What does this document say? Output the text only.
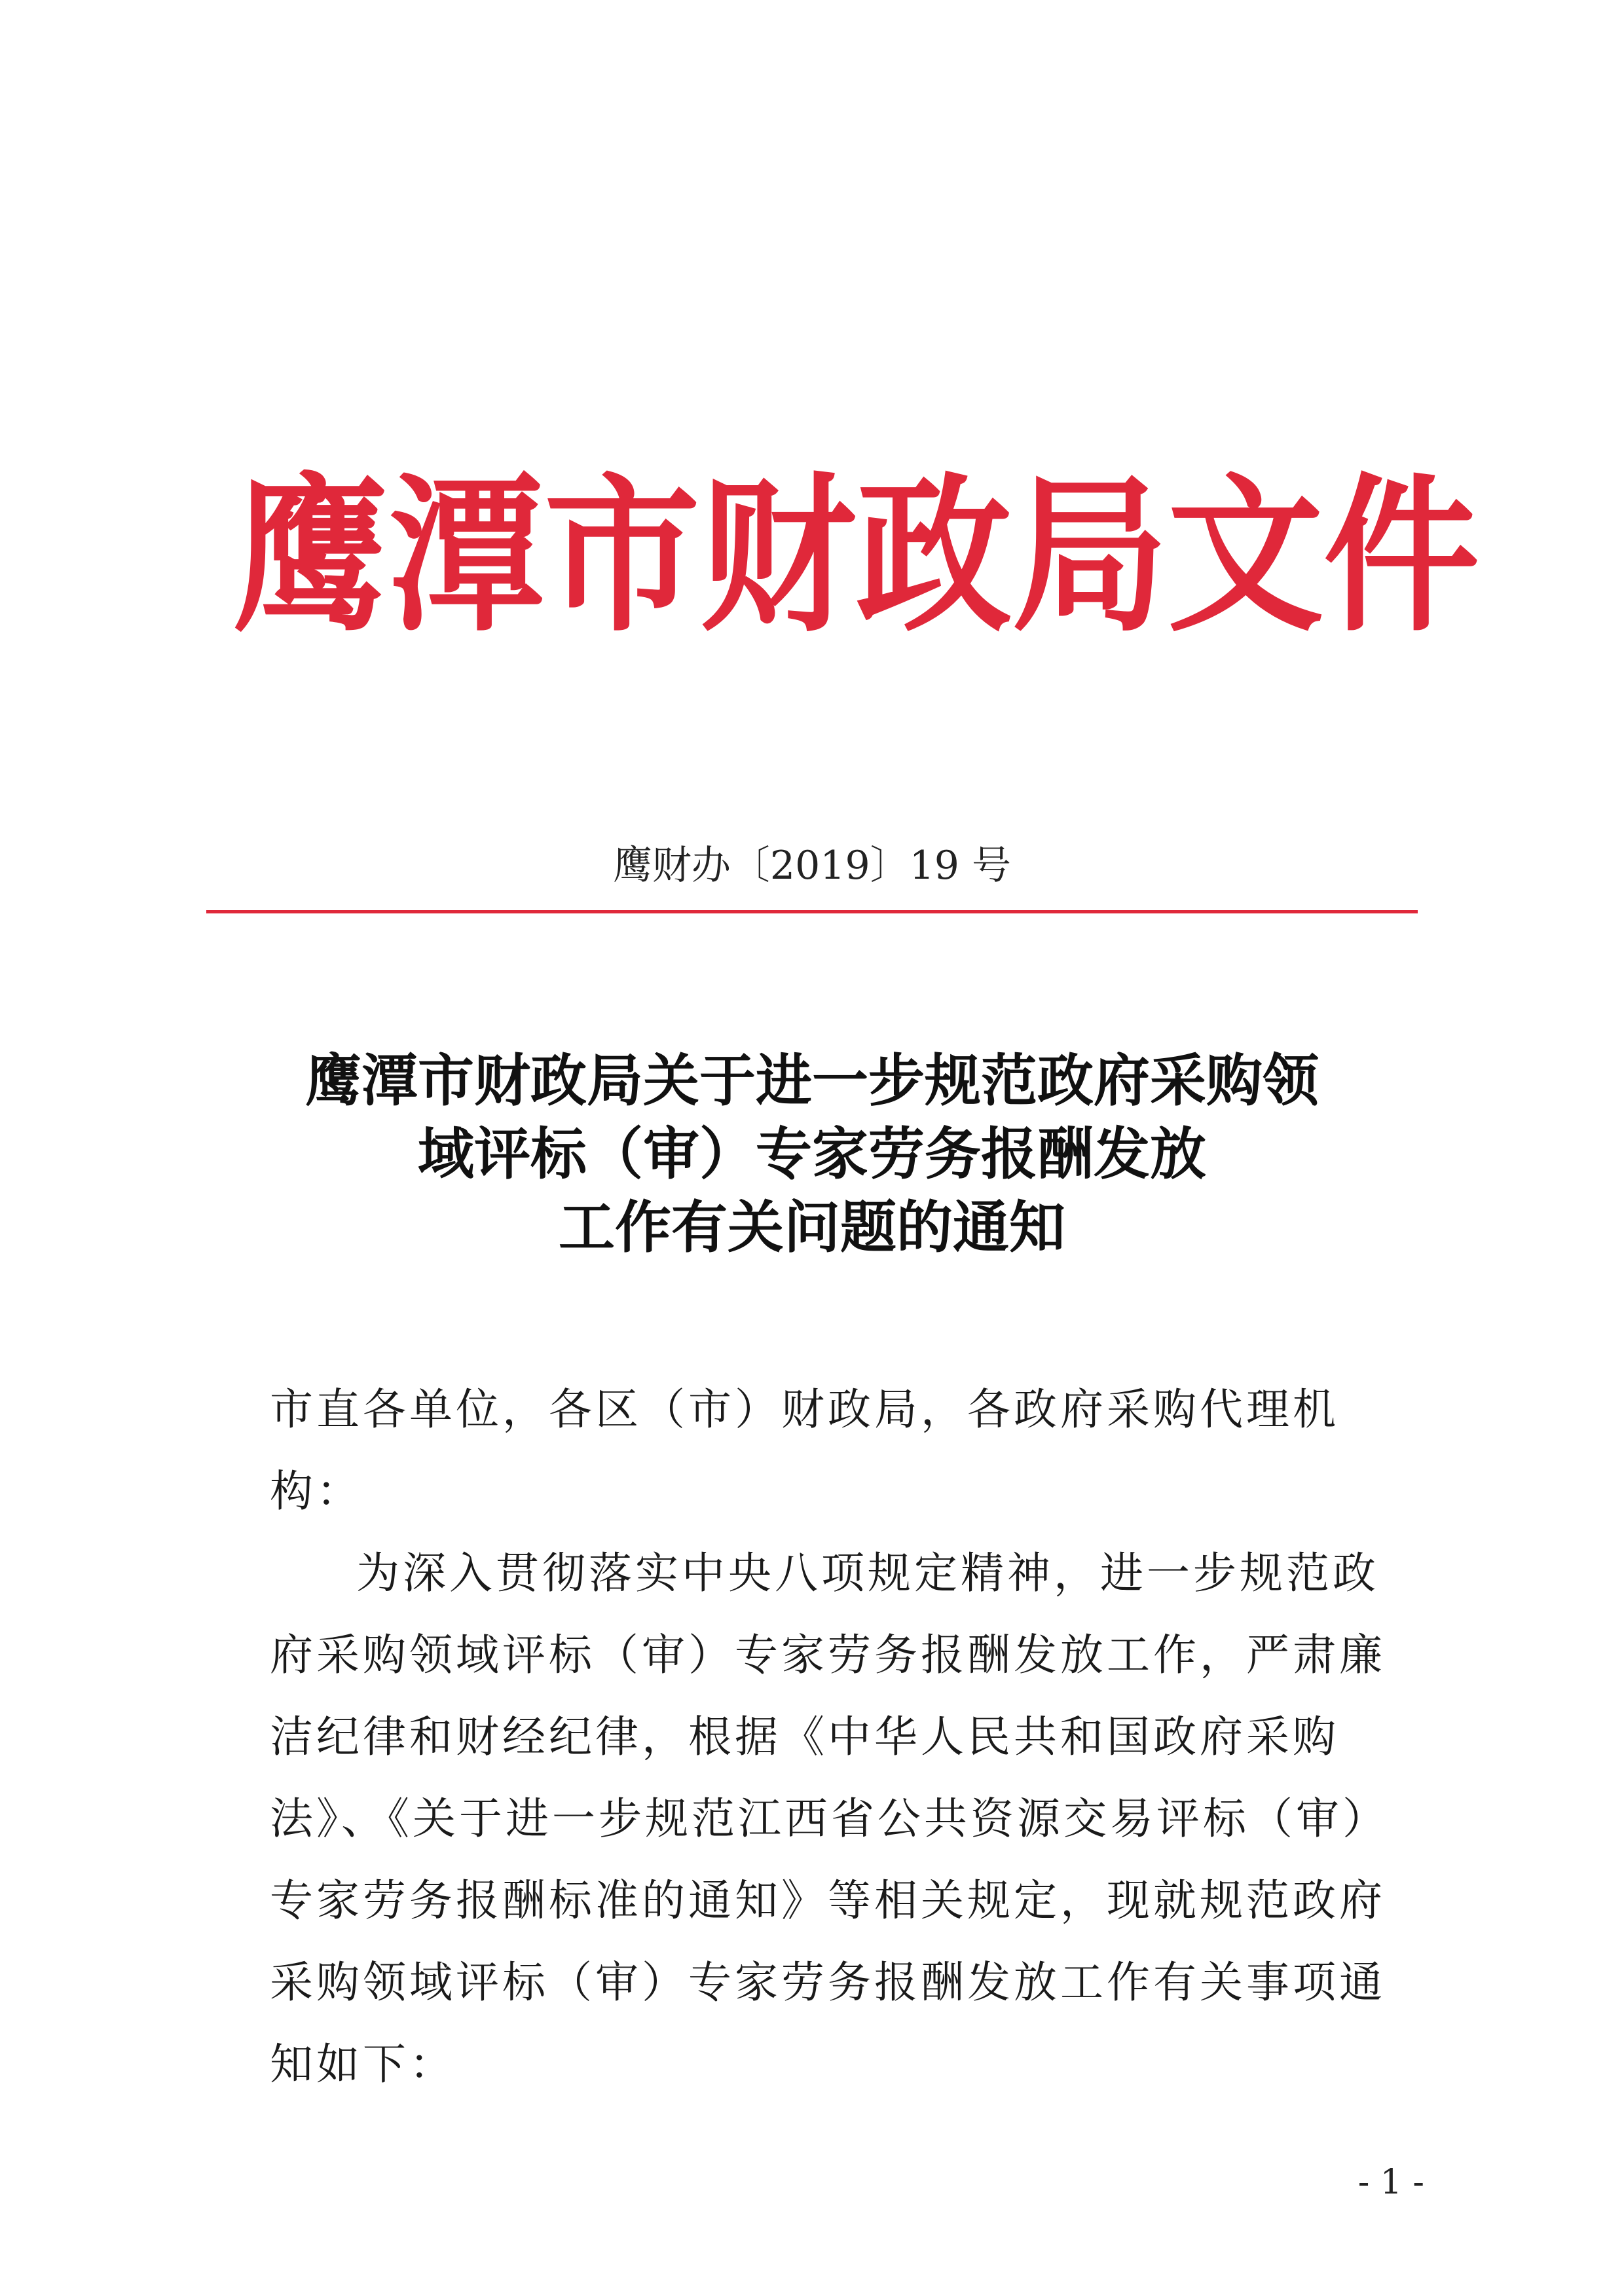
鹰 潭 市 财 政 局 文 件
鹰财办〔2019〕19 号
鹰潭市财政局关于进一步规范政府采购领
域评标（审）专家劳务报酬发放
工作有关问题的通知

市直各单位，各区（市）财政局，各政府采购代理机构：

为深入贯彻落实中央八项规定精神，进一步规范政府采购领域评标（审）专家劳务报酬发放工作，严肃廉洁纪律和财经纪律，根据《中华人民共和国政府采购法》、《关于进一步规范江西省公共资源交易评标（审）专家劳务报酬标准的通知》等相关规定，现就规范政府采购领域评标（审）专家劳务报酬发放工作有关事项通知如下：

- 1 -
